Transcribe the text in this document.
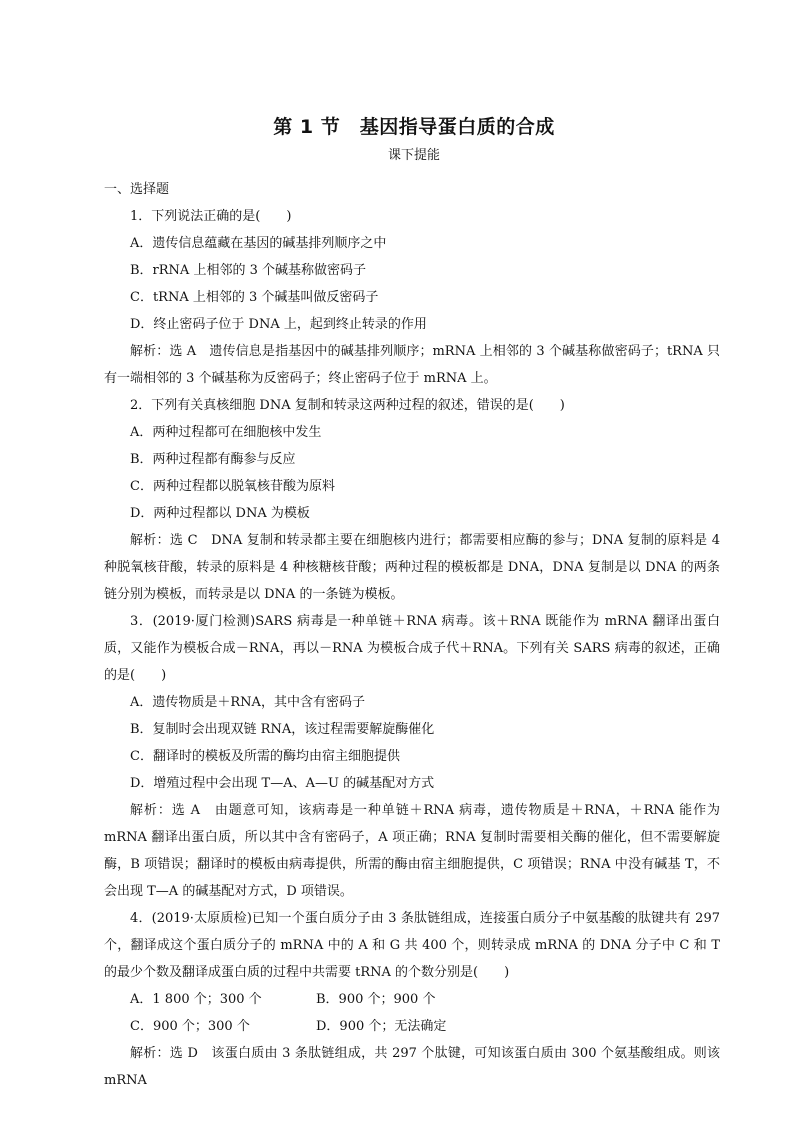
第 1 节　基因指导蛋白质的合成
课下提能
一、选择题
1．下列说法正确的是(　　)
A．遗传信息蕴藏在基因的碱基排列顺序之中
B．rRNA 上相邻的 3 个碱基称做密码子
C．tRNA 上相邻的 3 个碱基叫做反密码子
D．终止密码子位于 DNA 上，起到终止转录的作用
解析：选 A　遗传信息是指基因中的碱基排列顺序；mRNA 上相邻的 3 个碱基称做密码子；tRNA 只有一端相邻的 3 个碱基称为反密码子；终止密码子位于 mRNA 上。
2．下列有关真核细胞 DNA 复制和转录这两种过程的叙述，错误的是(　　)
A．两种过程都可在细胞核中发生
B．两种过程都有酶参与反应
C．两种过程都以脱氧核苷酸为原料
D．两种过程都以 DNA 为模板
解析：选 C　DNA 复制和转录都主要在细胞核内进行；都需要相应酶的参与；DNA 复制的原料是 4 种脱氧核苷酸，转录的原料是 4 种核糖核苷酸；两种过程的模板都是 DNA，DNA 复制是以 DNA 的两条链分别为模板，而转录是以 DNA 的一条链为模板。
3．(2019·厦门检测)SARS 病毒是一种单链＋RNA 病毒。该＋RNA 既能作为 mRNA 翻译出蛋白质，又能作为模板合成－RNA，再以－RNA 为模板合成子代＋RNA。下列有关 SARS 病毒的叙述，正确的是(　　)
A．遗传物质是＋RNA，其中含有密码子
B．复制时会出现双链 RNA，该过程需要解旋酶催化
C．翻译时的模板及所需的酶均由宿主细胞提供
D．增殖过程中会出现 T—A、A—U 的碱基配对方式
解析：选 A　由题意可知，该病毒是一种单链＋RNA 病毒，遗传物质是＋RNA，＋RNA 能作为 mRNA 翻译出蛋白质，所以其中含有密码子，A 项正确；RNA 复制时需要相关酶的催化，但不需要解旋酶，B 项错误；翻译时的模板由病毒提供，所需的酶由宿主细胞提供，C 项错误；RNA 中没有碱基 T，不会出现 T—A 的碱基配对方式，D 项错误。
4．(2019·太原质检)已知一个蛋白质分子由 3 条肽链组成，连接蛋白质分子中氨基酸的肽键共有 297 个，翻译成这个蛋白质分子的 mRNA 中的 A 和 G 共 400 个，则转录成 mRNA 的 DNA 分子中 C 和 T 的最少个数及翻译成蛋白质的过程中共需要 tRNA 的个数分别是(　　)
A．1 800 个；300 个	B．900 个；900 个
C．900 个；300 个	D．900 个；无法确定
解析：选 D　该蛋白质由 3 条肽链组成，共 297 个肽键，可知该蛋白质由 300 个氨基酸组成。则该 mRNA
